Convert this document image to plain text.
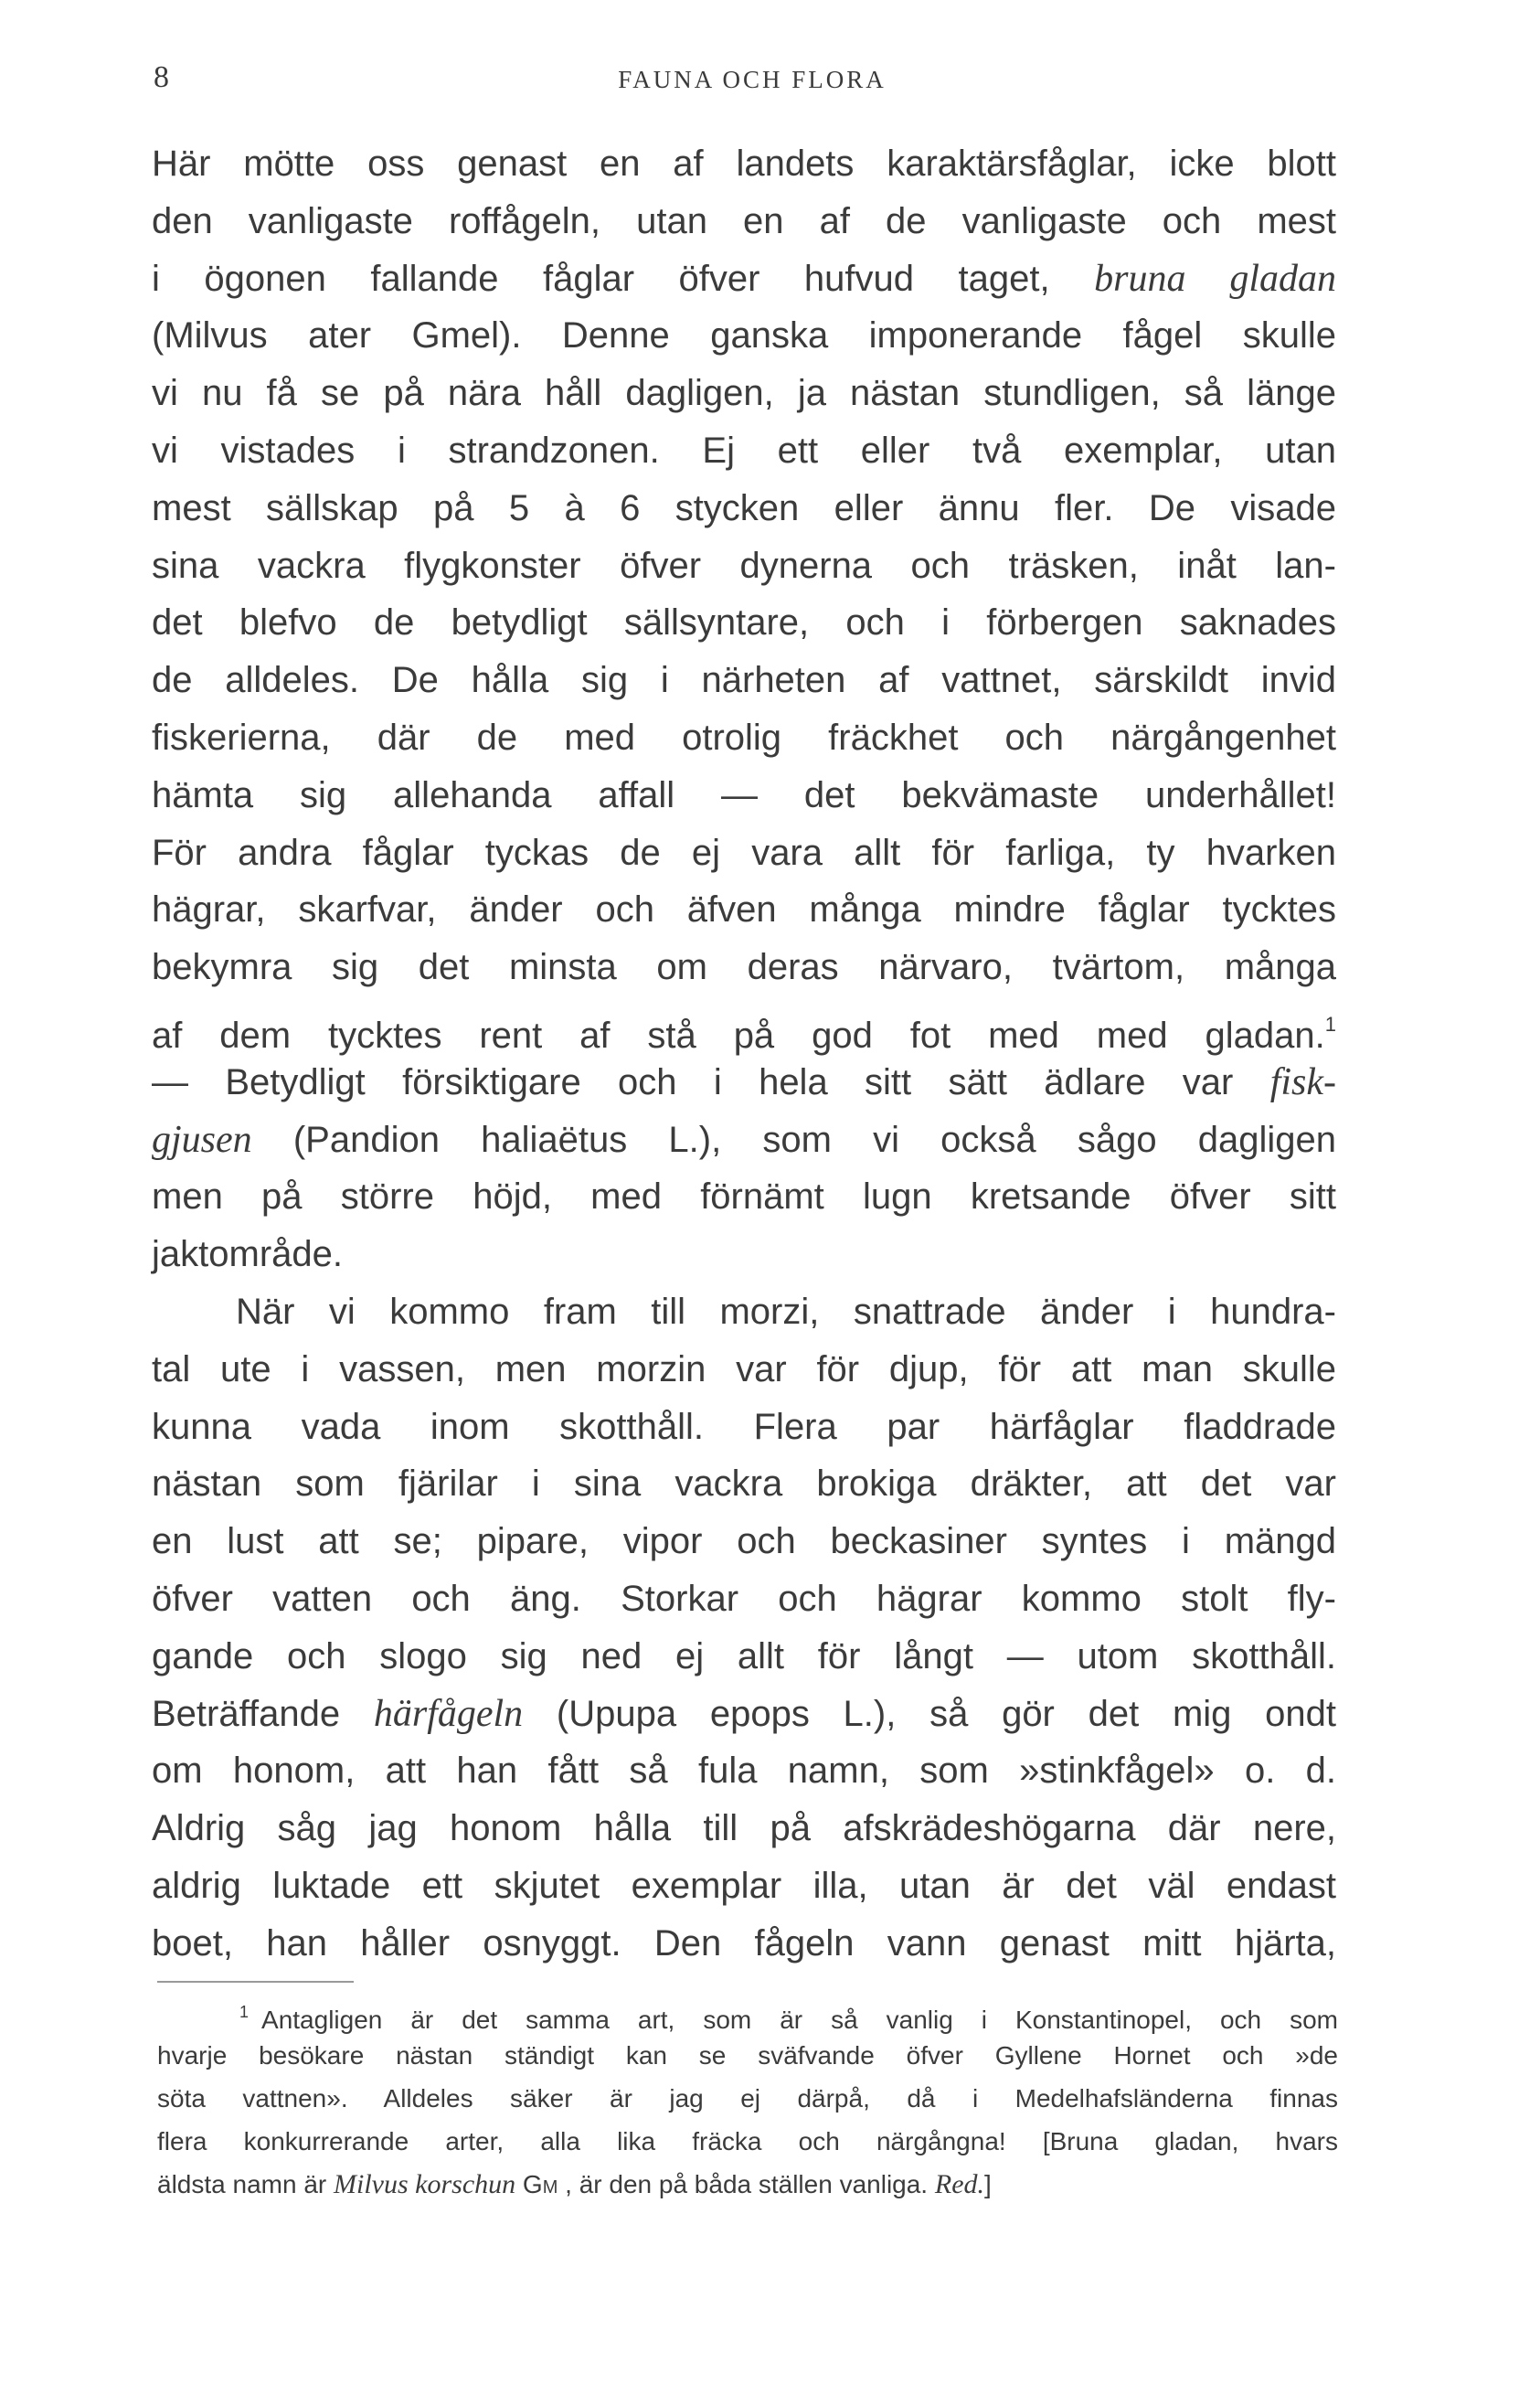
8	FAUNA OCH FLORA
Här mötte oss genast en af landets karaktärsfåglar, icke blott
den vanligaste roffågeln, utan en af de vanligaste och mest
i ögonen fallande fåglar öfver hufvud taget, bruna gladan
(Milvus ater Gmel). Denne ganska imponerande fågel skulle
vi nu få se på nära håll dagligen, ja nästan stundligen, så länge
vi vistades i strandzonen. Ej ett eller två exemplar, utan
mest sällskap på 5 à 6 stycken eller ännu fler. De visade
sina vackra flygkonster öfver dynerna och träsken, inåt lan-
det blefvo de betydligt sällsyntare, och i förbergen saknades
de alldeles. De hålla sig i närheten af vattnet, särskildt invid
fiskerierna, där de med otrolig fräckhet och närgångenhet
hämta sig allehanda affall — det bekvämaste underhållet!
För andra fåglar tyckas de ej vara allt för farliga, ty hvarken
hägrar, skarfvar, änder och äfven många mindre fåglar tycktes
bekymra sig det minsta om deras närvaro, tvärtom, många
af dem tycktes rent af stå på god fot med med gladan.$^1$
— Betydligt försiktigare och i hela sitt sätt ädlare var fisk-
gjusen (Pandion haliaëtus L.), som vi också sågo dagligen
men på större höjd, med förnämt lugn kretsande öfver sitt
jaktområde.
När vi kommo fram till morzi, snattrade änder i hundra-
tal ute i vassen, men morzin var för djup, för att man skulle
kunna vada inom skotthåll. Flera par härfåglar fladdrade
nästan som fjärilar i sina vackra brokiga dräkter, att det var
en lust att se; pipare, vipor och beckasiner syntes i mängd
öfver vatten och äng. Storkar och hägrar kommo stolt fly-
gande och slogo sig ned ej allt för långt — utom skotthåll.
Beträffande härfågeln (Upupa epops L.), så gör det mig ondt
om honom, att han fått så fula namn, som »stinkfågel» o. d.
Aldrig såg jag honom hålla till på afskrädeshögarna där nere,
aldrig luktade ett skjutet exemplar illa, utan är det väl endast
boet, han håller osnyggt. Den fågeln vann genast mitt hjärta,
$^1$ Antagligen är det samma art, som är så vanlig i Konstantinopel, och som
hvarje besökare nästan ständigt kan se sväfvande öfver Gyllene Hornet och »de
söta vattnen». Alldeles säker är jag ej därpå, då i Medelhafsländerna finnas
flera konkurrerande arter, alla lika fräcka och närgångna! [Bruna gladan, hvars
äldsta namn är Milvus korschun Gm , är den på båda ställen vanliga. Red.]
